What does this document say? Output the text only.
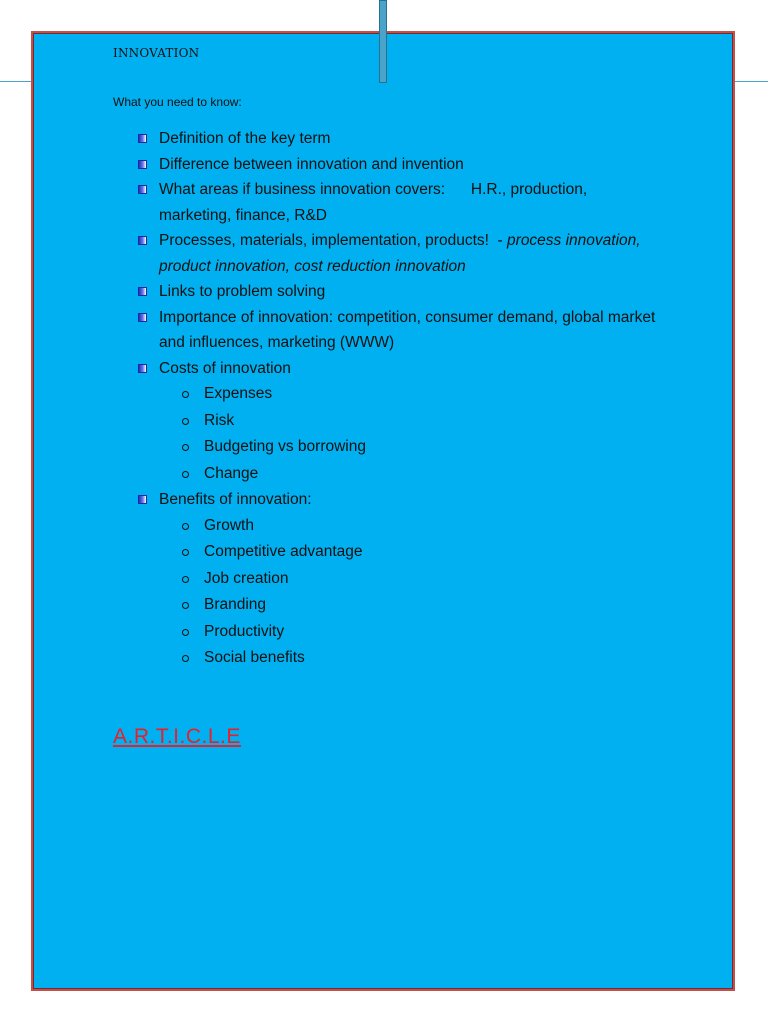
INNOVATION
What you need to know:
Definition of the key term
Difference between innovation and invention
What areas if business innovation covers:      H.R., production, marketing, finance, R&D
Processes, materials, implementation, products!  - process innovation, product innovation, cost reduction innovation
Links to problem solving
Importance of innovation: competition, consumer demand, global market and influences, marketing (WWW)
Costs of innovation
Expenses
Risk
Budgeting vs borrowing
Change
Benefits of innovation:
Growth
Competitive advantage
Job creation
Branding
Productivity
Social benefits
A.R.T.I.C.L.E
